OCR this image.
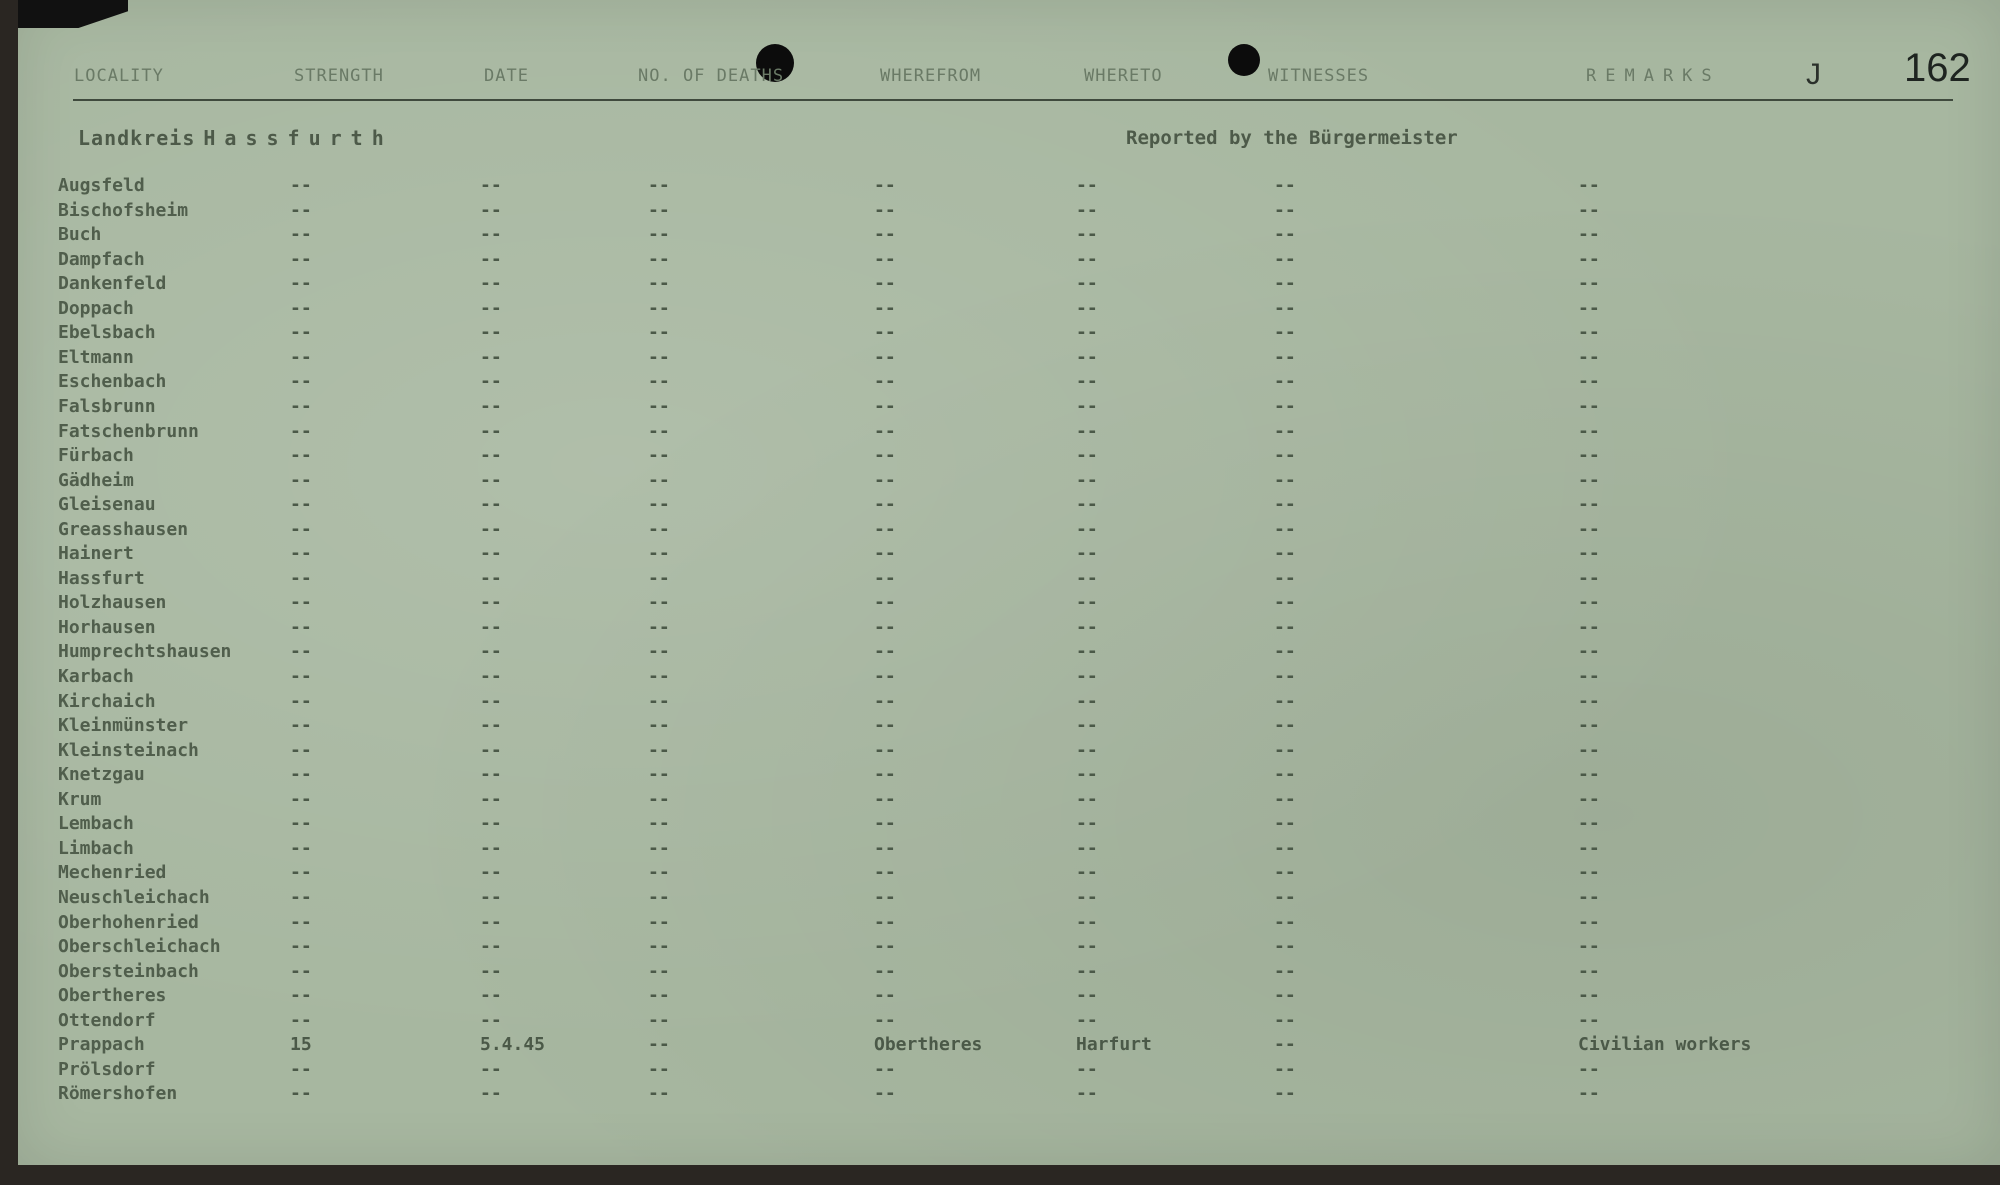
LOCALITY	STRENGTH	DATE	NO. OF DEATHS	WHEREFROM	WHERETO	WITNESSES	REMARKS	J 162
Landkreis Hassfurth	Reported by the Bürgermeister
Augsfeld	--	--	--	--	--	--	--
Bischofsheim	--	--	--	--	--	--	--
Buch	--	--	--	--	--	--	--
Dampfach	--	--	--	--	--	--	--
Dankenfeld	--	--	--	--	--	--	--
Doppach	--	--	--	--	--	--	--
Ebelsbach	--	--	--	--	--	--	--
Eltmann	--	--	--	--	--	--	--
Eschenbach	--	--	--	--	--	--	--
Falsbrunn	--	--	--	--	--	--	--
Fatschenbrunn	--	--	--	--	--	--	--
Fürbach	--	--	--	--	--	--	--
Gädheim	--	--	--	--	--	--	--
Gleisenau	--	--	--	--	--	--	--
Greasshausen	--	--	--	--	--	--	--
Hainert	--	--	--	--	--	--	--
Hassfurt	--	--	--	--	--	--	--
Holzhausen	--	--	--	--	--	--	--
Horhausen	--	--	--	--	--	--	--
Humprechtshausen	--	--	--	--	--	--	--
Karbach	--	--	--	--	--	--	--
Kirchaich	--	--	--	--	--	--	--
Kleinmünster	--	--	--	--	--	--	--
Kleinsteinach	--	--	--	--	--	--	--
Knetzgau	--	--	--	--	--	--	--
Krum	--	--	--	--	--	--	--
Lembach	--	--	--	--	--	--	--
Limbach	--	--	--	--	--	--	--
Mechenried	--	--	--	--	--	--	--
Neuschleichach	--	--	--	--	--	--	--
Oberhohenried	--	--	--	--	--	--	--
Oberschleichach	--	--	--	--	--	--	--
Obersteinbach	--	--	--	--	--	--	--
Obertheres	--	--	--	--	--	--	--
Ottendorf	--	--	--	--	--	--	--
Prappach	15	5.4.45	--	Obertheres	Harfurt	--	Civilian workers
Prölsdorf	--	--	--	--	--	--	--
Römershofen	--	--	--	--	--	--	--
